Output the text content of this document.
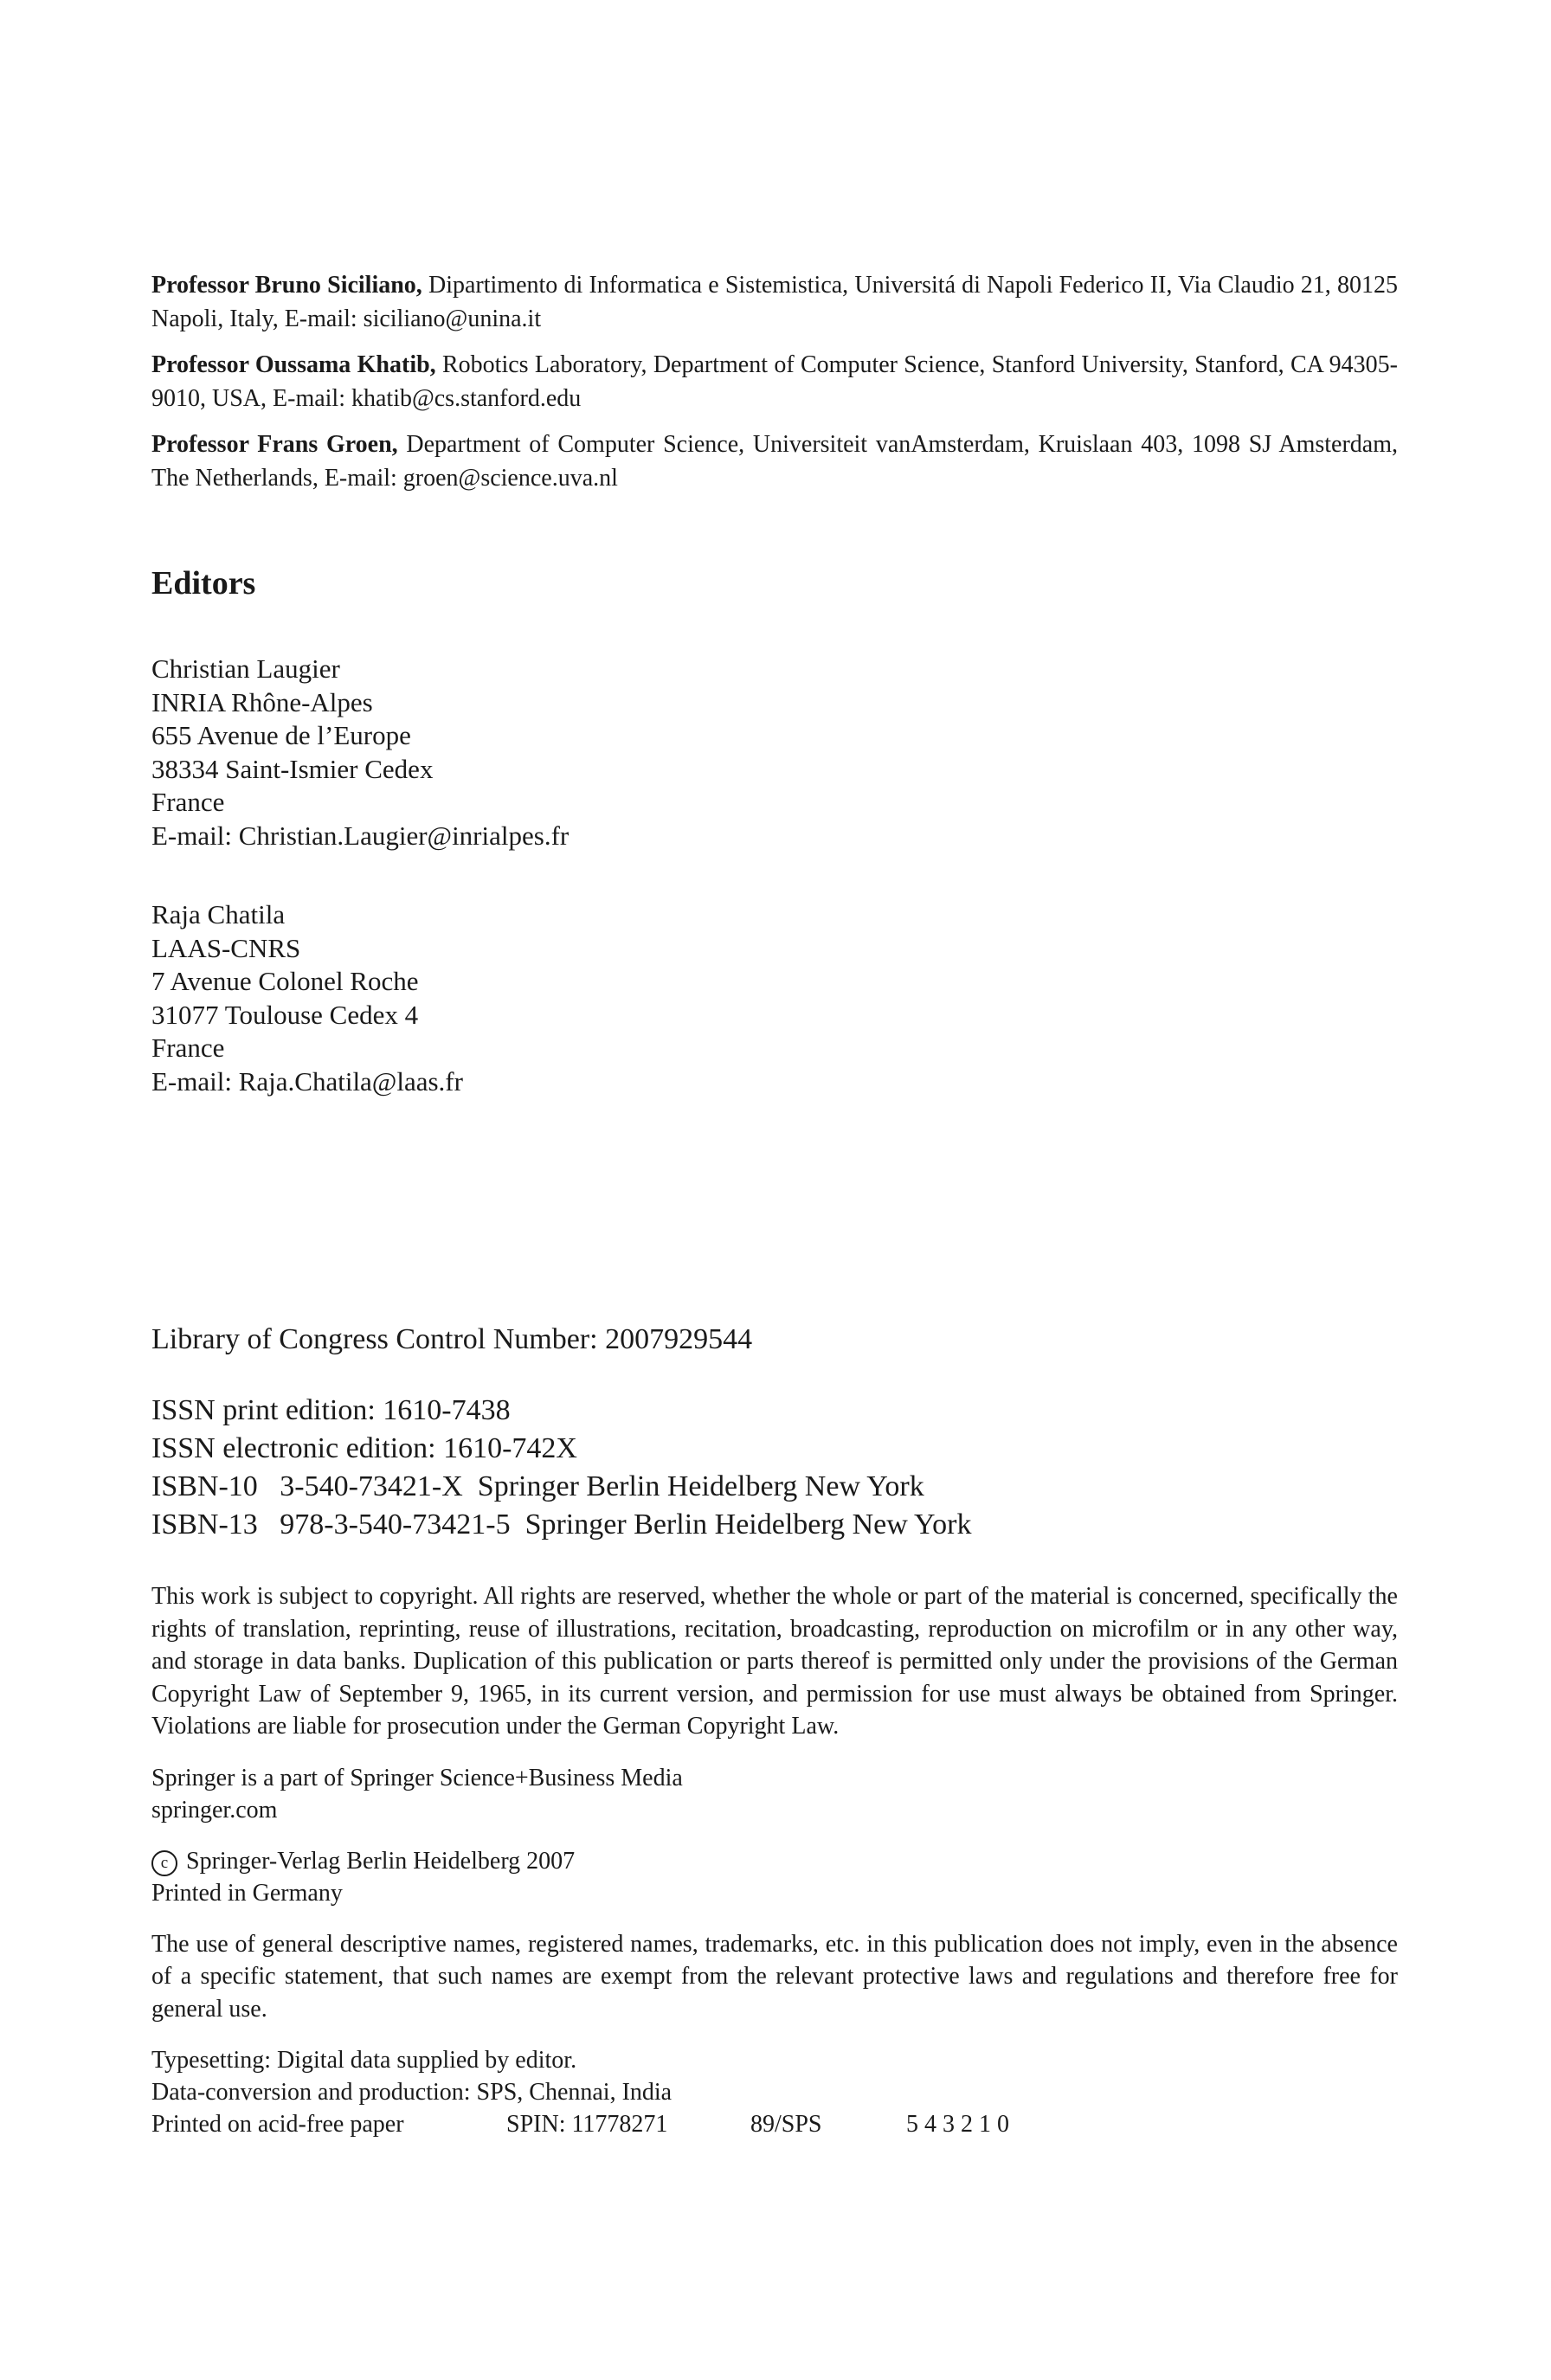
Professor Bruno Siciliano, Dipartimento di Informatica e Sistemistica, Universitá di Napoli Federico II, Via Claudio 21, 80125 Napoli, Italy, E-mail: siciliano@unina.it
Professor Oussama Khatib, Robotics Laboratory, Department of Computer Science, Stanford University, Stanford, CA 94305-9010, USA, E-mail: khatib@cs.stanford.edu
Professor Frans Groen, Department of Computer Science, Universiteit vanAmsterdam, Kruislaan 403, 1098 SJ Amsterdam, The Netherlands, E-mail: groen@science.uva.nl
Editors
Christian Laugier
INRIA Rhône-Alpes
655 Avenue de l’Europe
38334 Saint-Ismier Cedex
France
E-mail: Christian.Laugier@inrialpes.fr
Raja Chatila
LAAS-CNRS
7 Avenue Colonel Roche
31077 Toulouse Cedex 4
France
E-mail: Raja.Chatila@laas.fr
Library of Congress Control Number: 2007929544
ISSN print edition: 1610-7438
ISSN electronic edition: 1610-742X
ISBN-10   3-540-73421-X  Springer Berlin Heidelberg New York
ISBN-13   978-3-540-73421-5  Springer Berlin Heidelberg New York
This work is subject to copyright. All rights are reserved, whether the whole or part of the material is concerned, specifically the rights of translation, reprinting, reuse of illustrations, recitation, broadcasting, reproduction on microfilm or in any other way, and storage in data banks. Duplication of this publication or parts thereof is permitted only under the provisions of the German Copyright Law of September 9, 1965, in its current version, and permission for use must always be obtained from Springer. Violations are liable for prosecution under the German Copyright Law.
Springer is a part of Springer Science+Business Media
springer.com
c Springer-Verlag Berlin Heidelberg 2007
Printed in Germany
The use of general descriptive names, registered names, trademarks, etc. in this publication does not imply, even in the absence of a specific statement, that such names are exempt from the relevant protective laws and regulations and therefore free for general use.
Typesetting: Digital data supplied by editor.
Data-conversion and production: SPS, Chennai, India
Printed on acid-free paper	SPIN: 11778271	89/SPS	5 4 3 2 1 0
